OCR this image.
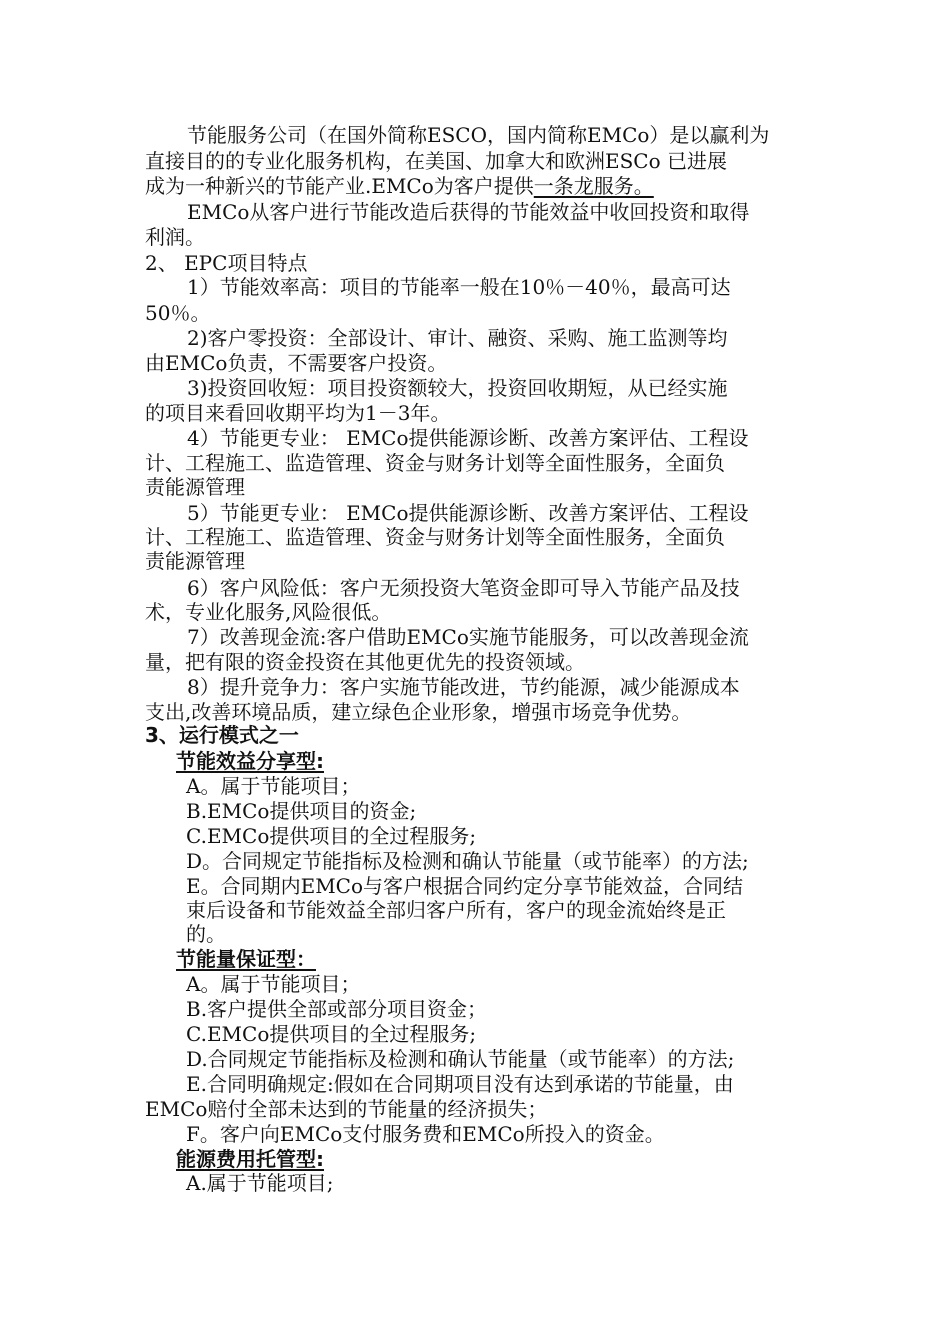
节能服务公司（在国外简称ESCO，国内简称EMCo）是以赢利为
直接目的的专业化服务机构，在美国、加拿大和欧洲ESCo 已进展
成为一种新兴的节能产业.EMCo为客户提供一条龙服务。
EMCo从客户进行节能改造后获得的节能效益中收回投资和取得
利润。
2、 EPC项目特点
1）节能效率高：项目的节能率一般在10％－40％，最高可达
50％。
2)客户零投资：全部设计、审计、融资、采购、施工监测等均
由EMCo负责，不需要客户投资。
3)投资回收短：项目投资额较大，投资回收期短，从已经实施
的项目来看回收期平均为1－3年。
4）节能更专业： EMCo提供能源诊断、改善方案评估、工程设
计、工程施工、监造管理、资金与财务计划等全面性服务，全面负
责能源管理
5）节能更专业： EMCo提供能源诊断、改善方案评估、工程设
计、工程施工、监造管理、资金与财务计划等全面性服务，全面负
责能源管理
6）客户风险低：客户无须投资大笔资金即可导入节能产品及技
术，专业化服务,风险很低。
7）改善现金流:客户借助EMCo实施节能服务，可以改善现金流
量，把有限的资金投资在其他更优先的投资领域。
8）提升竞争力：客户实施节能改进，节约能源，减少能源成本
支出,改善环境品质，建立绿色企业形象，增强市场竞争优势。
3、运行模式之一
节能效益分享型:
A。属于节能项目；
B.EMCo提供项目的资金;
C.EMCo提供项目的全过程服务;
D。合同规定节能指标及检测和确认节能量（或节能率）的方法;
E。合同期内EMCo与客户根据合同约定分享节能效益，合同结
束后设备和节能效益全部归客户所有，客户的现金流始终是正
的。
节能量保证型：
A。属于节能项目；
B.客户提供全部或部分项目资金；
C.EMCo提供项目的全过程服务;
D.合同规定节能指标及检测和确认节能量（或节能率）的方法;
E.合同明确规定:假如在合同期项目没有达到承诺的节能量，由
EMCo赔付全部未达到的节能量的经济损失；
F。客户向EMCo支付服务费和EMCo所投入的资金。
能源费用托管型:
A.属于节能项目;
